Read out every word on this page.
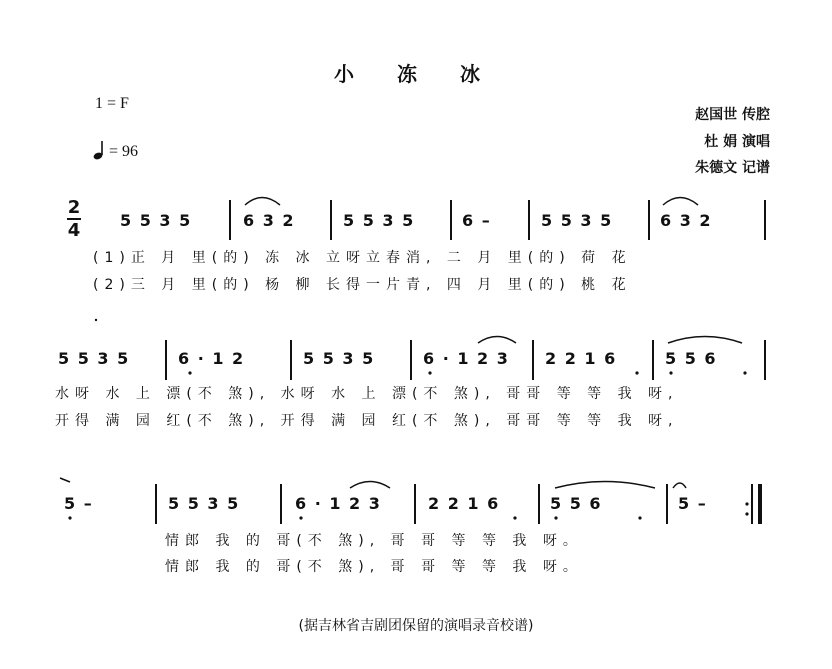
小 冻 冰
1 = F
= 96
赵国世 传腔
杜 娟 演唱
朱德文 记谱
2
4 5 5 3 5	6 3 2	5 5 3 5	6 –	5 5 3 5	6 3 2
(1)正 月 里(的) 冻 冰 立呀立春消, 二 月 里(的) 荷 花
(2)三 月 里(的) 杨 柳 长得一片青, 四 月 里(的) 桃 花
5 5 3 5	6 · 1 2	5 5 3 5	6 · 1 2 3 2 2 1 6	5 5 6
水呀 水 上 漂(不 煞), 水呀 水 上 漂(不 煞), 哥哥 等 等 我 呀,
开得 满 园 红(不 煞), 开得 满 园 红(不 煞), 哥哥 等 等 我 呀,
5 –	5 5 3 5	6 · 1 2 3	2 2 1 6	5 5 6	5 –
情郎 我 的 哥(不 煞), 哥 哥 等 等 我 呀。
情郎 我 的 哥(不 煞), 哥 哥 等 等 我 呀。
(据吉林省吉剧团保留的演唱录音校谱)
